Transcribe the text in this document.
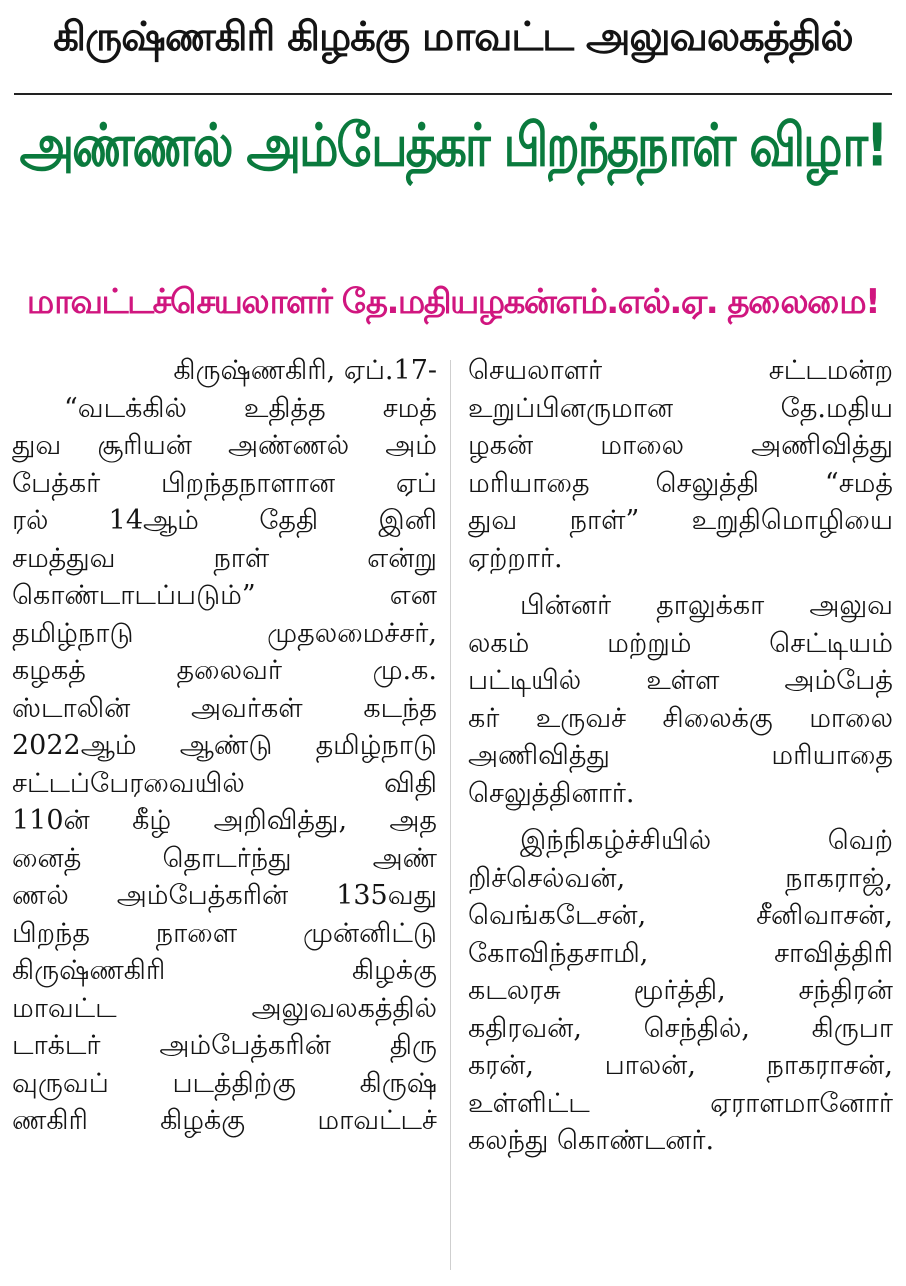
கிருஷ்ணகிரி கிழக்கு மாவட்ட அலுவலகத்தில்
அண்ணல் அம்பேத்கர் பிறந்தநாள் விழா!
மாவட்டச்செயலாளர் தே.மதியழகன்எம்.எல்.ஏ. தலைமை!
கிருஷ்ணகிரி, ஏப்.17-
“வடக்கில் உதித்த சமத்
துவ சூரியன் அண்ணல் அம்
பேத்கர் பிறந்தநாளான ஏப்
ரல் 14ஆம் தேதி இனி
சமத்துவ நாள் என்று
கொண்டாடப்படும்” என
தமிழ்நாடு முதலமைச்சர்,
கழகத் தலைவர் மு.க.
ஸ்டாலின் அவர்கள் கடந்த
2022ஆம் ஆண்டு தமிழ்நாடு
சட்டப்பேரவையில் விதி
110ன் கீழ் அறிவித்து, அத
னைத் தொடர்ந்து அண்
ணல் அம்பேத்கரின் 135வது
பிறந்த நாளை முன்னிட்டு
கிருஷ்ணகிரி கிழக்கு
மாவட்ட அலுவலகத்தில்
டாக்டர் அம்பேத்கரின் திரு
வுருவப் படத்திற்கு கிருஷ்
ணகிரி கிழக்கு மாவட்டச்
செயலாளர் சட்டமன்ற
உறுப்பினருமான தே.மதிய
ழகன் மாலை அணிவித்து
மரியாதை செலுத்தி “சமத்
துவ நாள்” உறுதிமொழியை
ஏற்றார்.
பின்னர் தாலுக்கா அலுவ
லகம் மற்றும் செட்டியம்
பட்டியில் உள்ள அம்பேத்
கர் உருவச் சிலைக்கு மாலை
அணிவித்து மரியாதை
செலுத்தினார்.
இந்நிகழ்ச்சியில் வெற்
றிச்செல்வன், நாகராஜ்,
வெங்கடேசன், சீனிவாசன்,
கோவிந்தசாமி, சாவித்திரி
கடலரசு மூர்த்தி, சந்திரன்
கதிரவன், செந்தில், கிருபா
கரன், பாலன், நாகராசன்,
உள்ளிட்ட ஏராளமானோர்
கலந்து கொண்டனர்.
